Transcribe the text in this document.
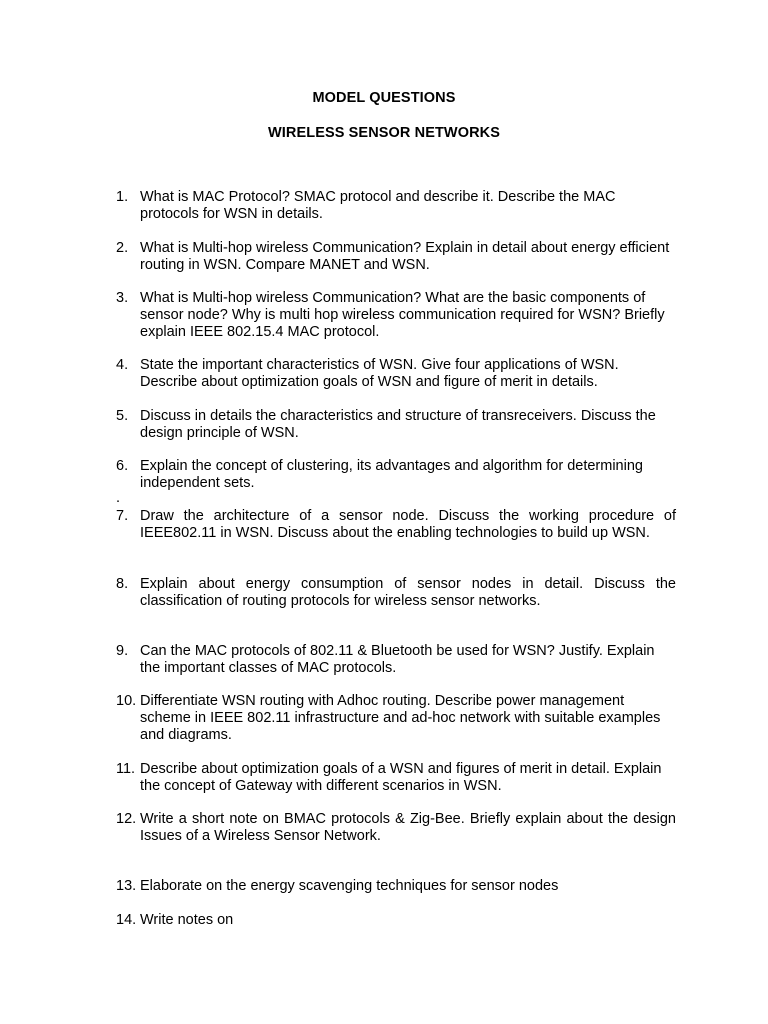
MODEL QUESTIONS
WIRELESS SENSOR NETWORKS
1. What is MAC Protocol? SMAC protocol and describe it. Describe the MAC protocols for WSN in details.
2. What is Multi-hop wireless Communication? Explain in detail about energy efficient routing in WSN. Compare MANET and WSN.
3. What is Multi-hop wireless Communication? What are the basic components of sensor node? Why is multi hop wireless communication required for WSN? Briefly explain IEEE 802.15.4 MAC protocol.
4. State the important characteristics of WSN. Give four applications of WSN. Describe about optimization goals of WSN and figure of merit in details.
5. Discuss in details the characteristics and structure of transreceivers. Discuss the design principle of WSN.
6. Explain the concept of clustering, its advantages and algorithm for determining independent sets.
.
7. Draw the architecture of a sensor node. Discuss the working procedure of IEEE802.11 in WSN. Discuss about the enabling technologies to build up WSN.
8. Explain about energy consumption of sensor nodes in detail. Discuss the classification of routing protocols for wireless sensor networks.
9. Can the MAC protocols of 802.11 & Bluetooth be used for WSN? Justify. Explain the important classes of MAC protocols.
10. Differentiate WSN routing with Adhoc routing. Describe power management scheme in IEEE 802.11 infrastructure and ad-hoc network with suitable examples and diagrams.
11. Describe about optimization goals of a WSN and figures of merit in detail. Explain the concept of Gateway with different scenarios in WSN.
12. Write a short note on BMAC protocols & Zig-Bee. Briefly explain about the design Issues of a Wireless Sensor Network.
13. Elaborate on the energy scavenging techniques for sensor nodes
14. Write notes on
